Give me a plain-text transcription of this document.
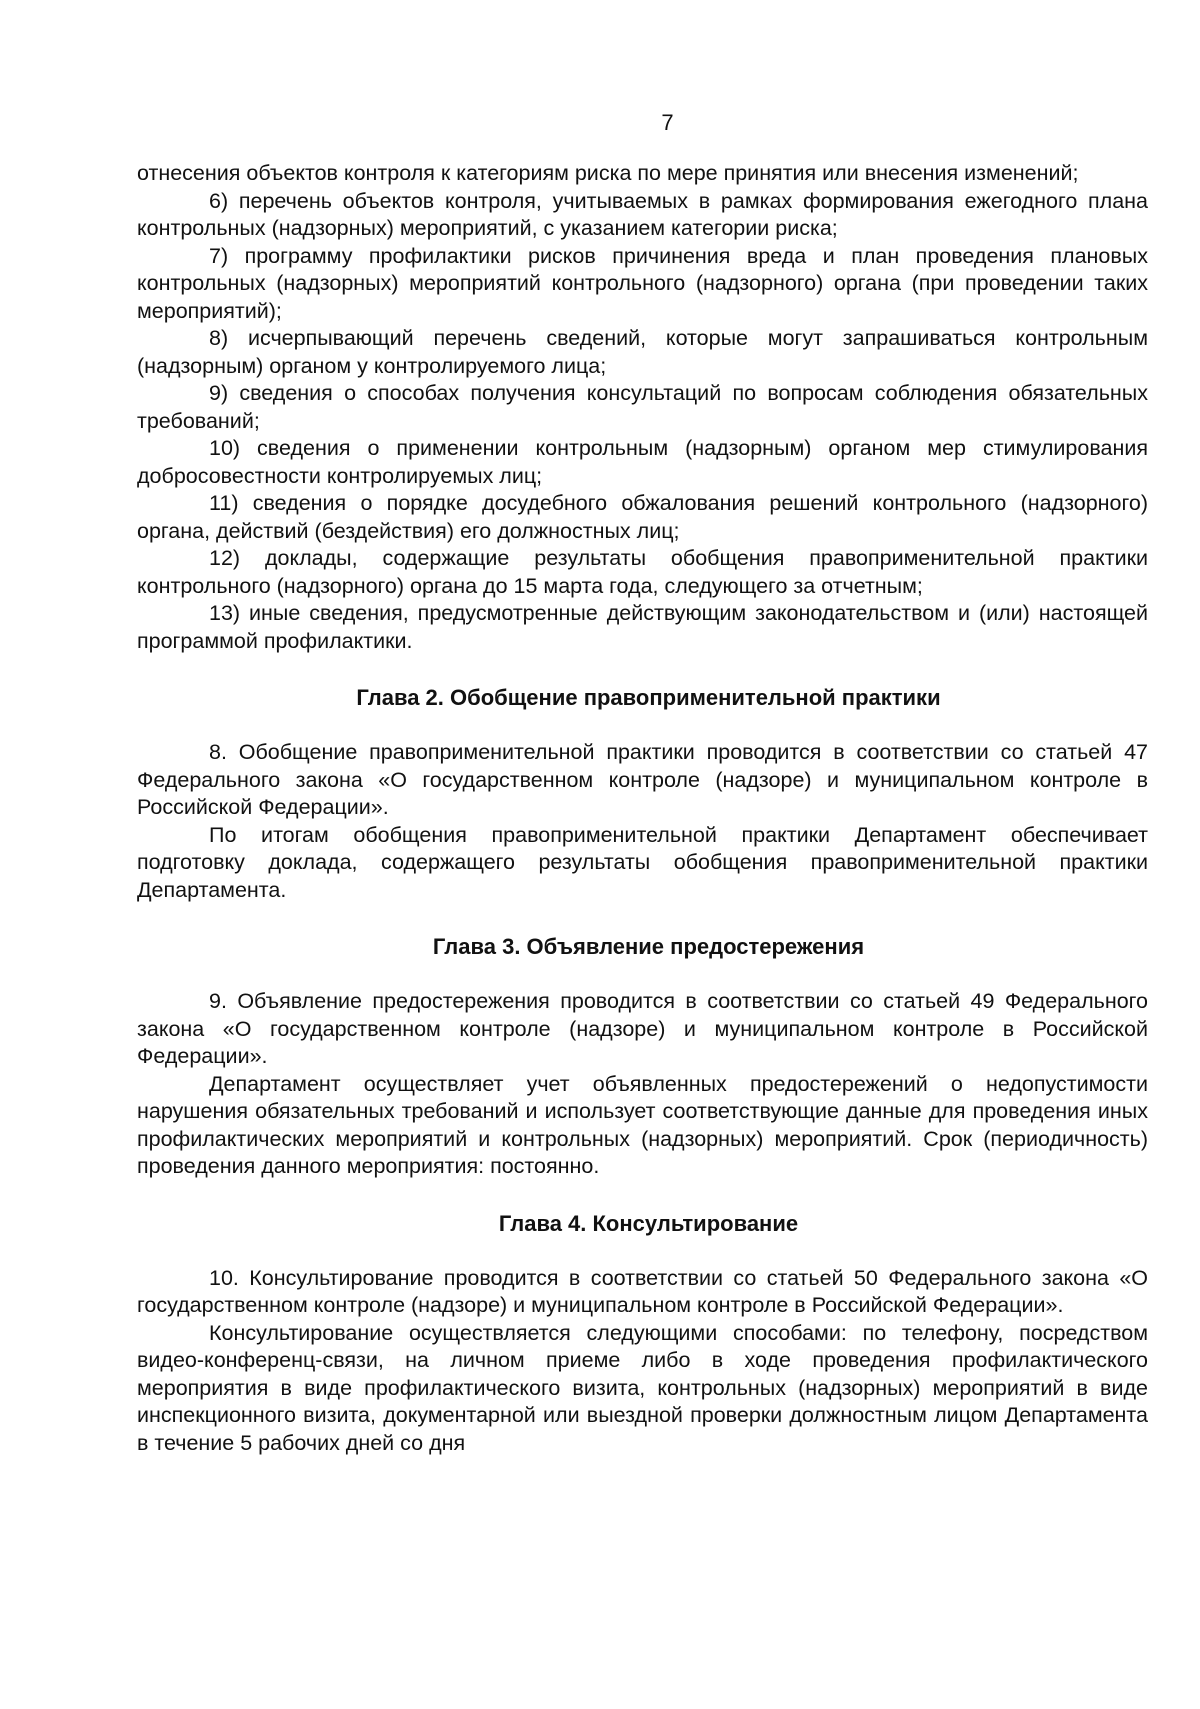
7

отнесения объектов контроля к категориям риска по мере принятия или внесения изменений;

6) перечень объектов контроля, учитываемых в рамках формирования ежегодного плана контрольных (надзорных) мероприятий, с указанием категории риска;

7) программу профилактики рисков причинения вреда и план проведения плановых контрольных (надзорных) мероприятий контрольного (надзорного) органа (при проведении таких мероприятий);

8) исчерпывающий перечень сведений, которые могут запрашиваться контрольным (надзорным) органом у контролируемого лица;

9) сведения о способах получения консультаций по вопросам соблюдения обязательных требований;

10) сведения о применении контрольным (надзорным) органом мер стимулирования добросовестности контролируемых лиц;

11) сведения о порядке досудебного обжалования решений контрольного (надзорного) органа, действий (бездействия) его должностных лиц;

12) доклады, содержащие результаты обобщения правоприменительной практики контрольного (надзорного) органа до 15 марта года, следующего за отчетным;

13) иные сведения, предусмотренные действующим законодательством и (или) настоящей программой профилактики.

Глава 2. Обобщение правоприменительной практики

8. Обобщение правоприменительной практики проводится в соответствии со статьей 47 Федерального закона «О государственном контроле (надзоре) и муниципальном контроле в Российской Федерации».

По итогам обобщения правоприменительной практики Департамент обеспечивает подготовку доклада, содержащего результаты обобщения правоприменительной практики Департамента.

Глава 3. Объявление предостережения

9. Объявление предостережения проводится в соответствии со статьей 49 Федерального закона «О государственном контроле (надзоре) и муниципальном контроле в Российской Федерации».

Департамент осуществляет учет объявленных предостережений о недопустимости нарушения обязательных требований и использует соответствующие данные для проведения иных профилактических мероприятий и контрольных (надзорных) мероприятий. Срок (периодичность) проведения данного мероприятия: постоянно.

Глава 4. Консультирование

10. Консультирование проводится в соответствии со статьей 50 Федерального закона «О государственном контроле (надзоре) и муниципальном контроле в Российской Федерации».

Консультирование осуществляется следующими способами: по телефону, посредством видео-конференц-связи, на личном приеме либо в ходе проведения профилактического мероприятия в виде профилактического визита, контрольных (надзорных) мероприятий в виде инспекционного визита, документарной или выездной проверки должностным лицом Департамента в течение 5 рабочих дней со дня
